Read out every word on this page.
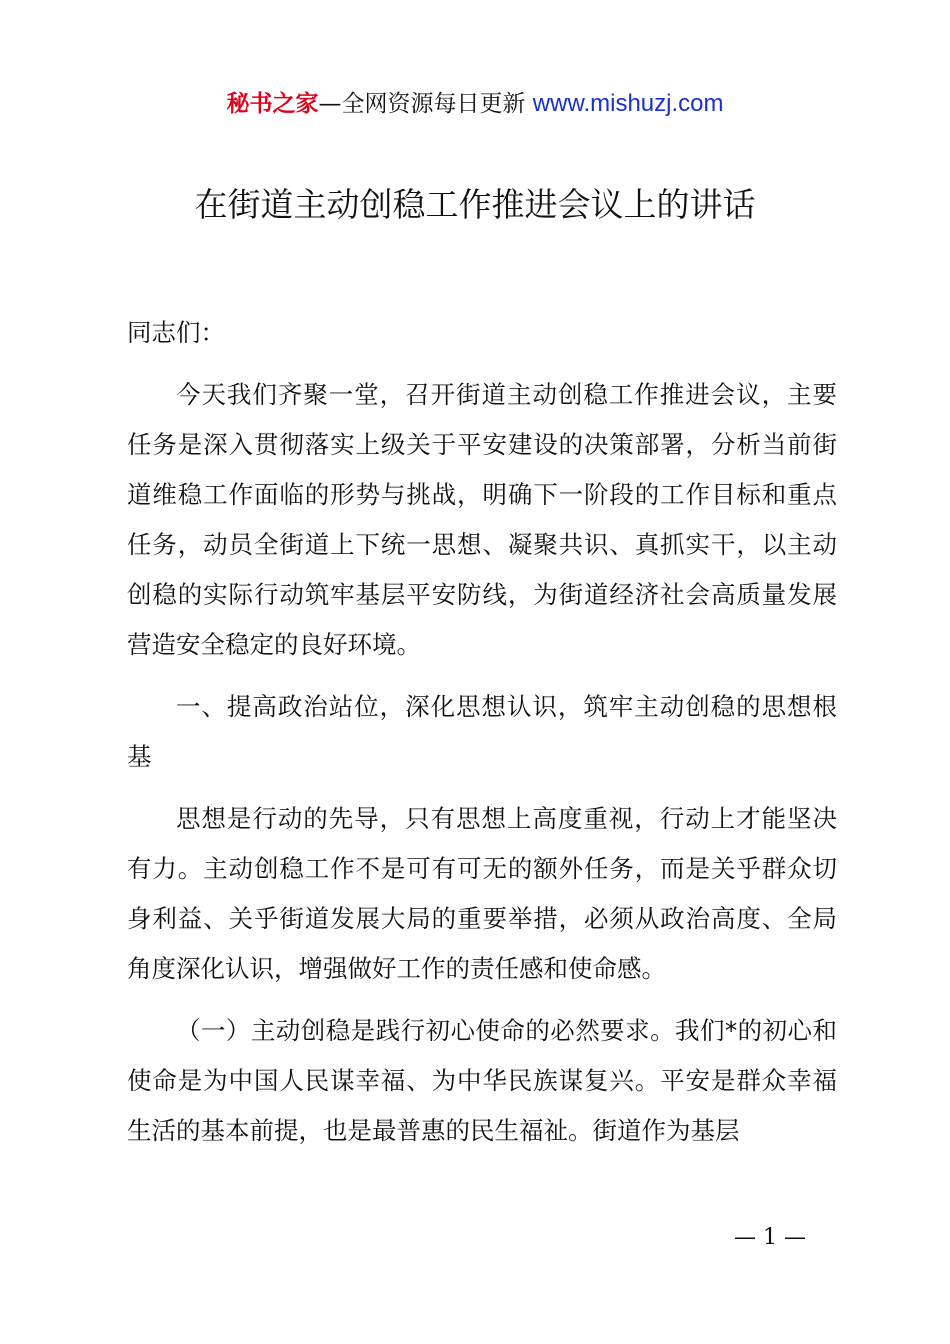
秘书之家—全网资源每日更新 www.mishuzj.com
在街道主动创稳工作推进会议上的讲话

同志们：

今天我们齐聚一堂，召开街道主动创稳工作推进会议，主要任务是深入贯彻落实上级关于平安建设的决策部署，分析当前街道维稳工作面临的形势与挑战，明确下一阶段的工作目标和重点任务，动员全街道上下统一思想、凝聚共识、真抓实干，以主动创稳的实际行动筑牢基层平安防线，为街道经济社会高质量发展营造安全稳定的良好环境。

一、提高政治站位，深化思想认识，筑牢主动创稳的思想根基

思想是行动的先导，只有思想上高度重视，行动上才能坚决有力。主动创稳工作不是可有可无的额外任务，而是关乎群众切身利益、关乎街道发展大局的重要举措，必须从政治高度、全局角度深化认识，增强做好工作的责任感和使命感。

（一）主动创稳是践行初心使命的必然要求。我们*的初心和使命是为中国人民谋幸福、为中华民族谋复兴。平安是群众幸福生活的基本前提，也是最普惠的民生福祉。街道作为基层

— 1 —
